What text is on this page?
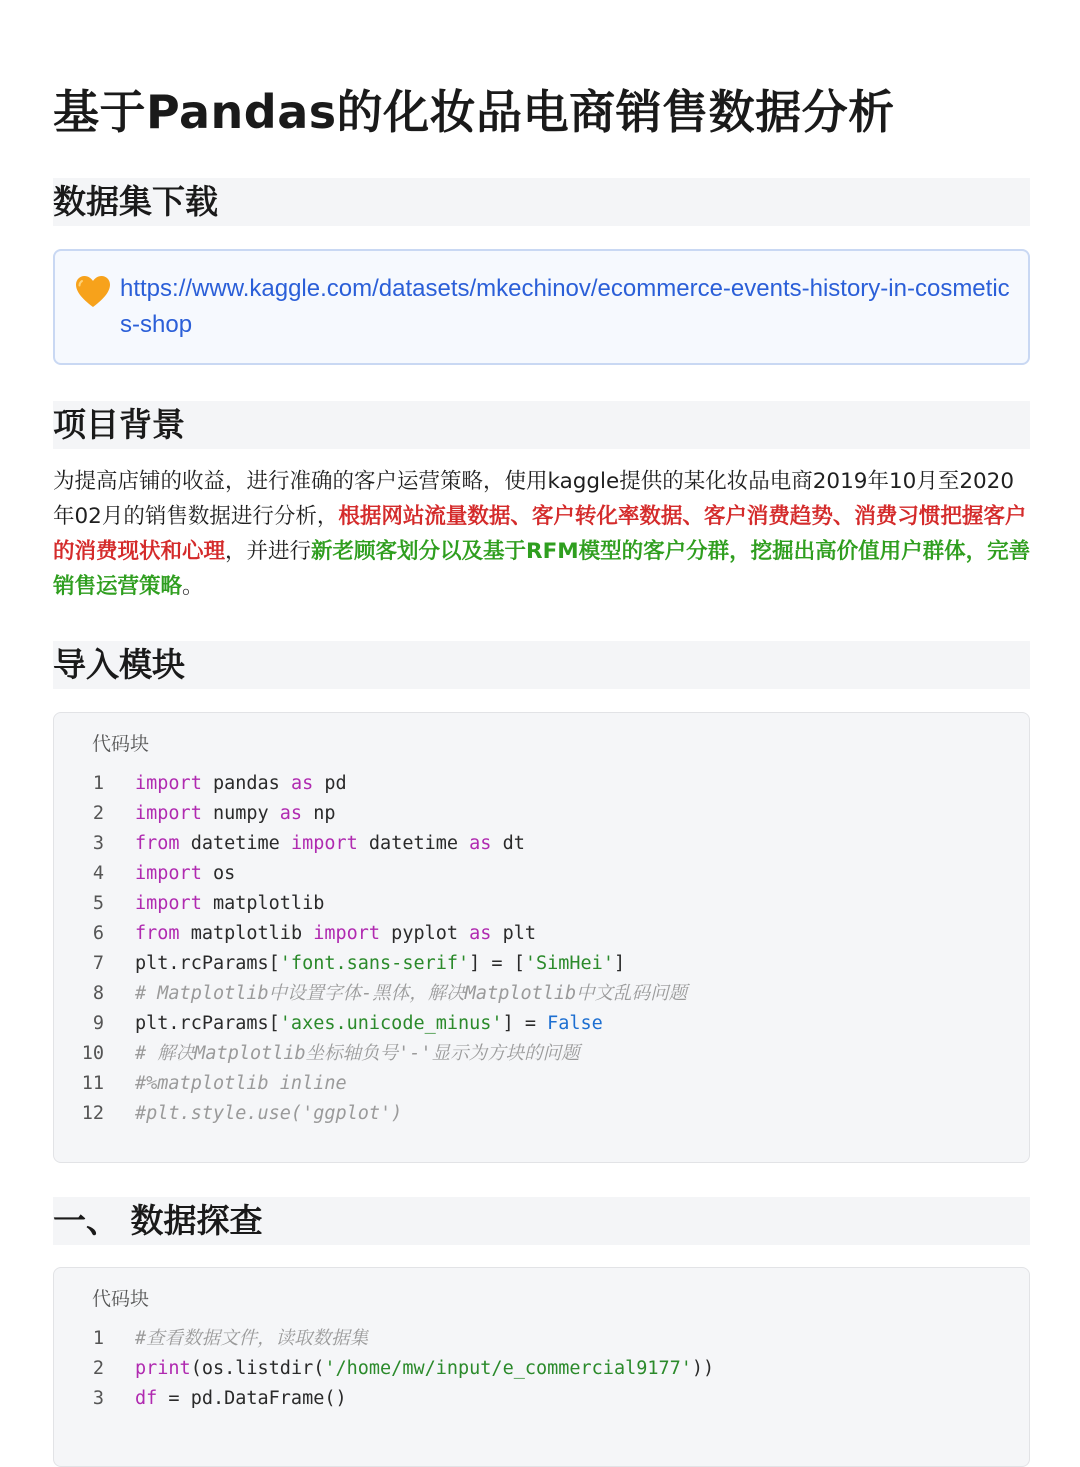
基于Pandas的化妆品电商销售数据分析
数据集下载
https://www.kaggle.com/datasets/mkechinov/ecommerce-events-history-in-cosmetics-shop
项目背景

为提高店铺的收益，进行准确的客户运营策略，使用kaggle提供的某化妆品电商2019年10月至2020年02月的销售数据进行分析，根据网站流量数据、客户转化率数据、客户消费趋势、消费习惯把握客户的消费现状和心理，并进行新老顾客划分以及基于RFM模型的客户分群，挖掘出高价值用户群体，完善销售运营策略。

导入模块
代码块
1 import pandas as pd
2 import numpy as np
3 from datetime import datetime as dt
4 import os
5 import matplotlib
6 from matplotlib import pyplot as plt
7 plt.rcParams['font.sans-serif'] = ['SimHei']
8 # Matplotlib中设置字体-黑体，解决Matplotlib中文乱码问题
9 plt.rcParams['axes.unicode_minus'] = False
10 # 解决Matplotlib坐标轴负号'-'显示为方块的问题
11 #%matplotlib inline
12 #plt.style.use('ggplot')
一、 数据探查
代码块
1 #查看数据文件，读取数据集
2 print(os.listdir('/home/mw/input/e_commercial9177'))
3 df = pd.DataFrame()
